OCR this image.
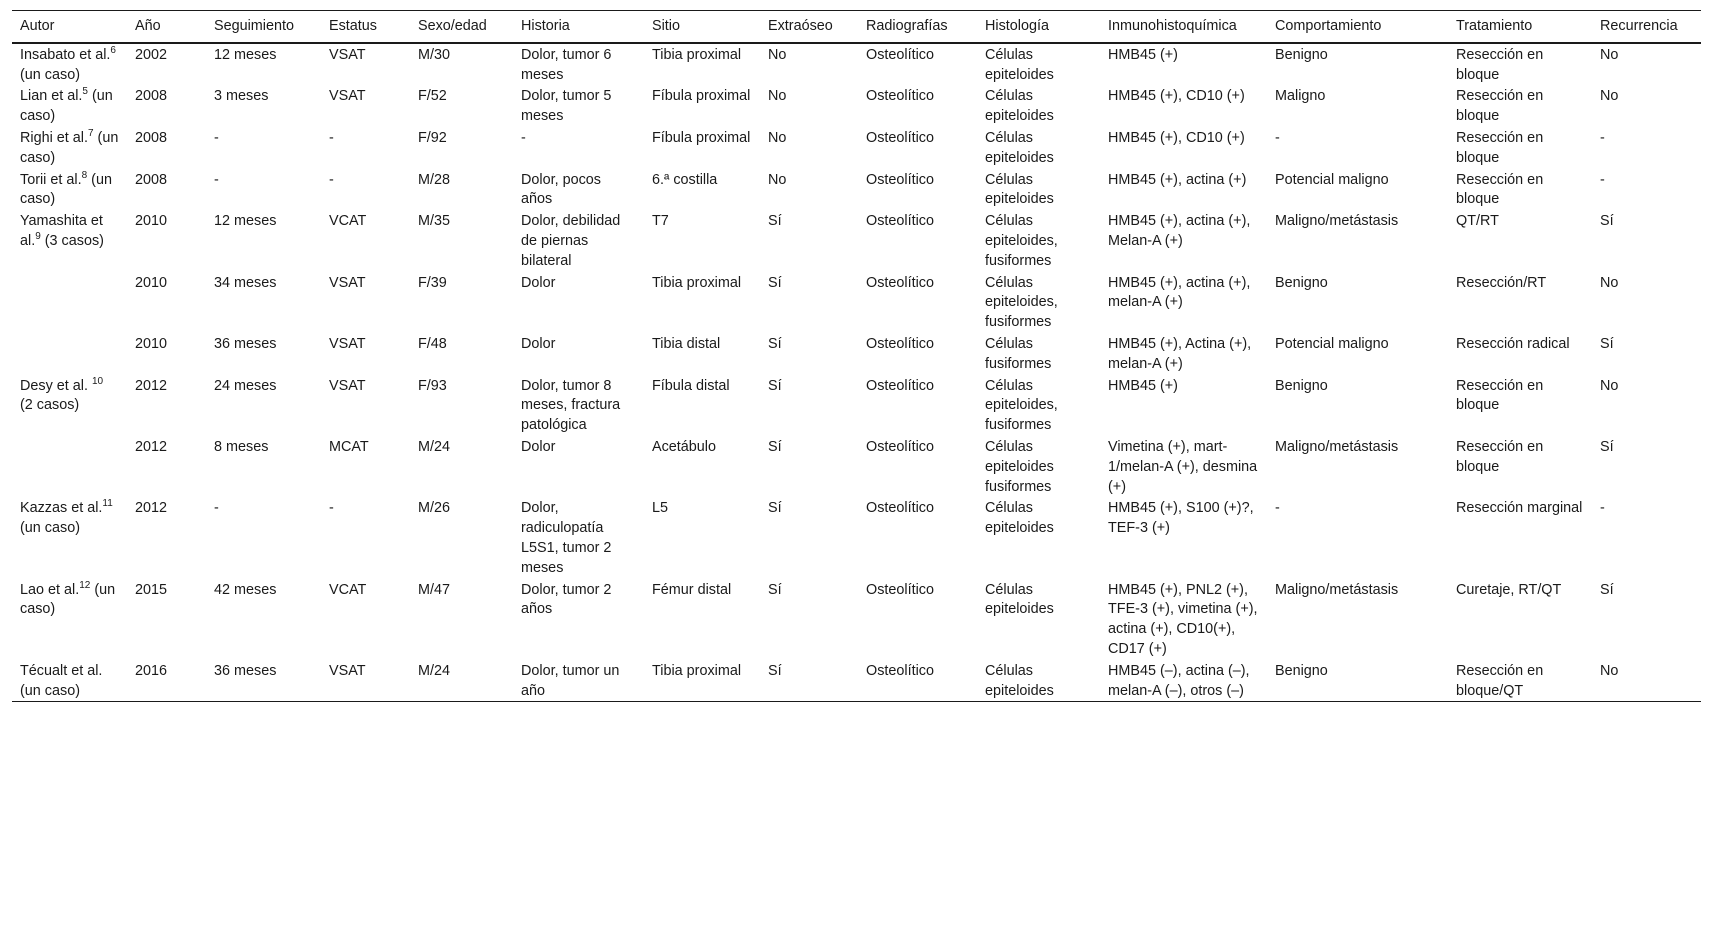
Autor	Año	Seguimiento	Estatus	Sexo/edad	Historia	Sitio	Extraóseo	Radiografías	Histología	Inmunohistoquímica	Comportamiento	Tratamiento	Recurrencia
Insabato et al.$^6$ (un caso)	2002	12 meses	VSAT	M/30	Dolor, tumor 6 meses	Tibia proximal	No	Osteolítico	Células epiteloides	HMB45 (+)	Benigno	Resección en bloque	No
Lian et al.$^5$ (un caso)	2008	3 meses	VSAT	F/52	Dolor, tumor 5 meses	Fíbula proximal	No	Osteolítico	Células epiteloides	HMB45 (+), CD10 (+)	Maligno	Resección en bloque	No
Righi et al.$^7$ (un caso)	2008	-	-	F/92	-	Fíbula proximal	No	Osteolítico	Células epiteloides	HMB45 (+), CD10 (+)	-	Resección en bloque	-
Torii et al.$^8$ (un caso)	2008	-	-	M/28	Dolor, pocos años	6.ª costilla	No	Osteolítico	Células epiteloides	HMB45 (+), actina (+)	Potencial maligno	Resección en bloque	-
Yamashita et al.$^9$ (3 casos)	2010	12 meses	VCAT	M/35	Dolor, debilidad de piernas bilateral	T7	Sí	Osteolítico	Células epiteloides, fusiformes	HMB45 (+), actina (+), Melan-A (+)	Maligno/metástasis	QT/RT	Sí
	2010	34 meses	VSAT	F/39	Dolor	Tibia proximal	Sí	Osteolítico	Células epiteloides, fusiformes	HMB45 (+), actina (+), melan-A (+)	Benigno	Resección/RT	No
	2010	36 meses	VSAT	F/48	Dolor	Tibia distal	Sí	Osteolítico	Células fusiformes	HMB45 (+), Actina (+), melan-A (+)	Potencial maligno	Resección radical	Sí
Desy et al. $^{10}$ (2 casos)	2012	24 meses	VSAT	F/93	Dolor, tumor 8 meses, fractura patológica	Fíbula distal	Sí	Osteolítico	Células epiteloides, fusiformes	HMB45 (+)	Benigno	Resección en bloque	No
	2012	8 meses	MCAT	M/24	Dolor	Acetábulo	Sí	Osteolítico	Células epiteloides fusiformes	Vimetina (+), mart-1/melan-A (+), desmina (+)	Maligno/metástasis	Resección en bloque	Sí
Kazzas et al.$^{11}$ (un caso)	2012	-	-	M/26	Dolor, radiculopatía L5S1, tumor 2 meses	L5	Sí	Osteolítico	Células epiteloides	HMB45 (+), S100 (+)?, TEF-3 (+)	-	Resección marginal	-
Lao et al.$^{12}$ (un caso)	2015	42 meses	VCAT	M/47	Dolor, tumor 2 años	Fémur distal	Sí	Osteolítico	Células epiteloides	HMB45 (+), PNL2 (+), TFE-3 (+), vimetina (+), actina (+), CD10(+), CD17 (+)	Maligno/metástasis	Curetaje, RT/QT	Sí
Técualt et al. (un caso)	2016	36 meses	VSAT	M/24	Dolor, tumor un año	Tibia proximal	Sí	Osteolítico	Células epiteloides	HMB45 (–), actina (–), melan-A (–), otros (–)	Benigno	Resección en bloque/QT	No
